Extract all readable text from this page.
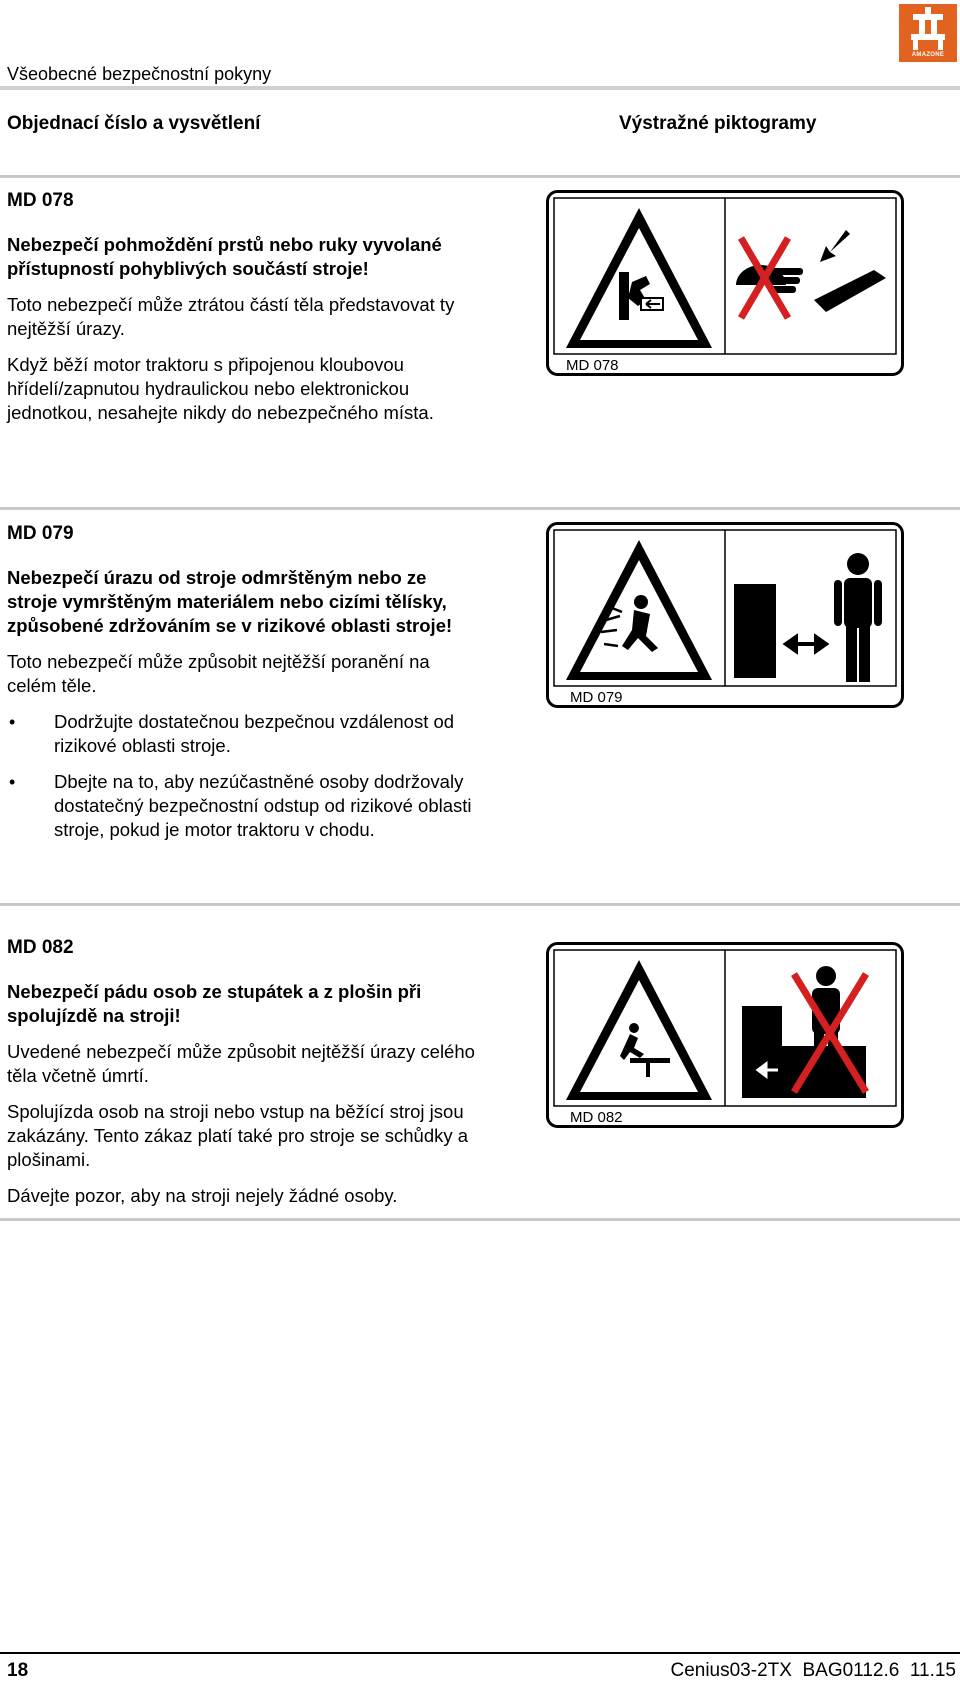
Všeobecné bezpečnostní pokyny
AMAZONE
Objednací číslo a vysvětlení	Výstražné piktogramy

MD 078

Nebezpečí pohmoždění prstů nebo ruky vyvolané přístupností pohyblivých součástí stroje!

Toto nebezpečí může ztrátou částí těla představovat ty nejtěžší úrazy.

Když běží motor traktoru s připojenou kloubovou hřídelí/zapnutou hydraulickou nebo elektronickou jednotkou, nesahejte nikdy do nebezpečného místa.

MD 078

MD 079

Nebezpečí úrazu od stroje odmrštěným nebo ze stroje vymrštěným materiálem nebo cizími tělísky, způsobené zdržováním se v rizikové oblasti stroje!

Toto nebezpečí může způsobit nejtěžší poranění na celém těle.

• Dodržujte dostatečnou bezpečnou vzdálenost od rizikové oblasti stroje.
• Dbejte na to, aby nezúčastněné osoby dodržovaly dostatečný bezpečnostní odstup od rizikové oblasti stroje, pokud je motor traktoru v chodu.
MD 079

MD 082

Nebezpečí pádu osob ze stupátek a z plošin při spolujízdě na stroji!

Uvedené nebezpečí může způsobit nejtěžší úrazy celého těla včetně úmrtí.

Spolujízda osob na stroji nebo vstup na běžící stroj jsou zakázány. Tento zákaz platí také pro stroje se schůdky a plošinami.

Dávejte pozor, aby na stroji nejely žádné osoby.

MD 082
18	Cenius03-2TX  BAG0112.6  11.15
